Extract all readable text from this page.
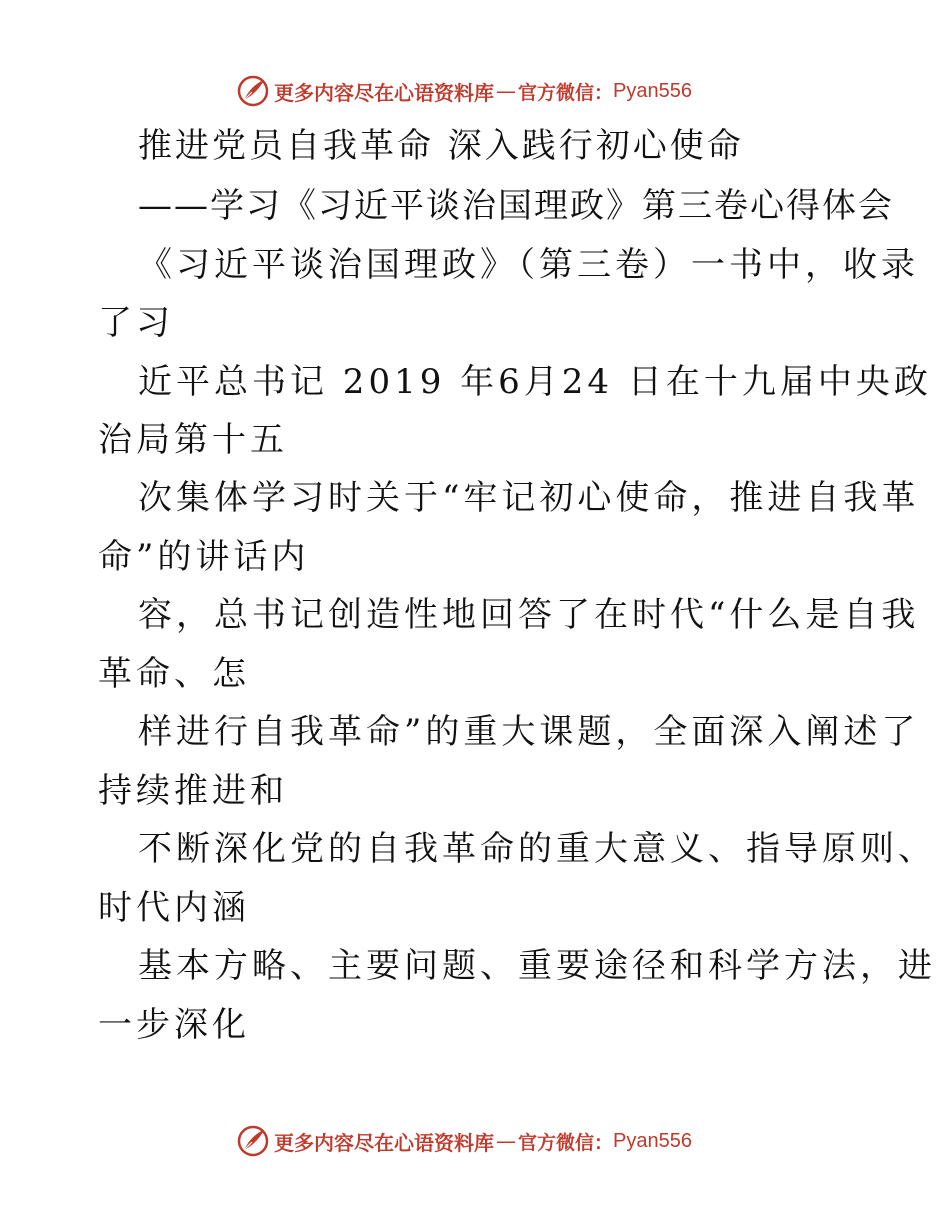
更多内容尽在心语资料库 — 官方微信： Pyan556
推进党员自我革命 深入践行初心使命
——学习《习近平谈治国理政》第三卷心得体会
《习近平谈治国理政》（第三卷）一书中，收录
了习
近平总书记 2019 年6月24 日在十九届中央政
治局第十五
次集体学习时关于“牢记初心使命，推进自我革
命”的讲话内
容，总书记创造性地回答了在时代“什么是自我
革命、怎
样进行自我革命”的重大课题，全面深入阐述了
持续推进和
不断深化党的自我革命的重大意义、指导原则、
时代内涵
基本方略、主要问题、重要途径和科学方法，进
一步深化
更多内容尽在心语资料库 — 官方微信： Pyan556
